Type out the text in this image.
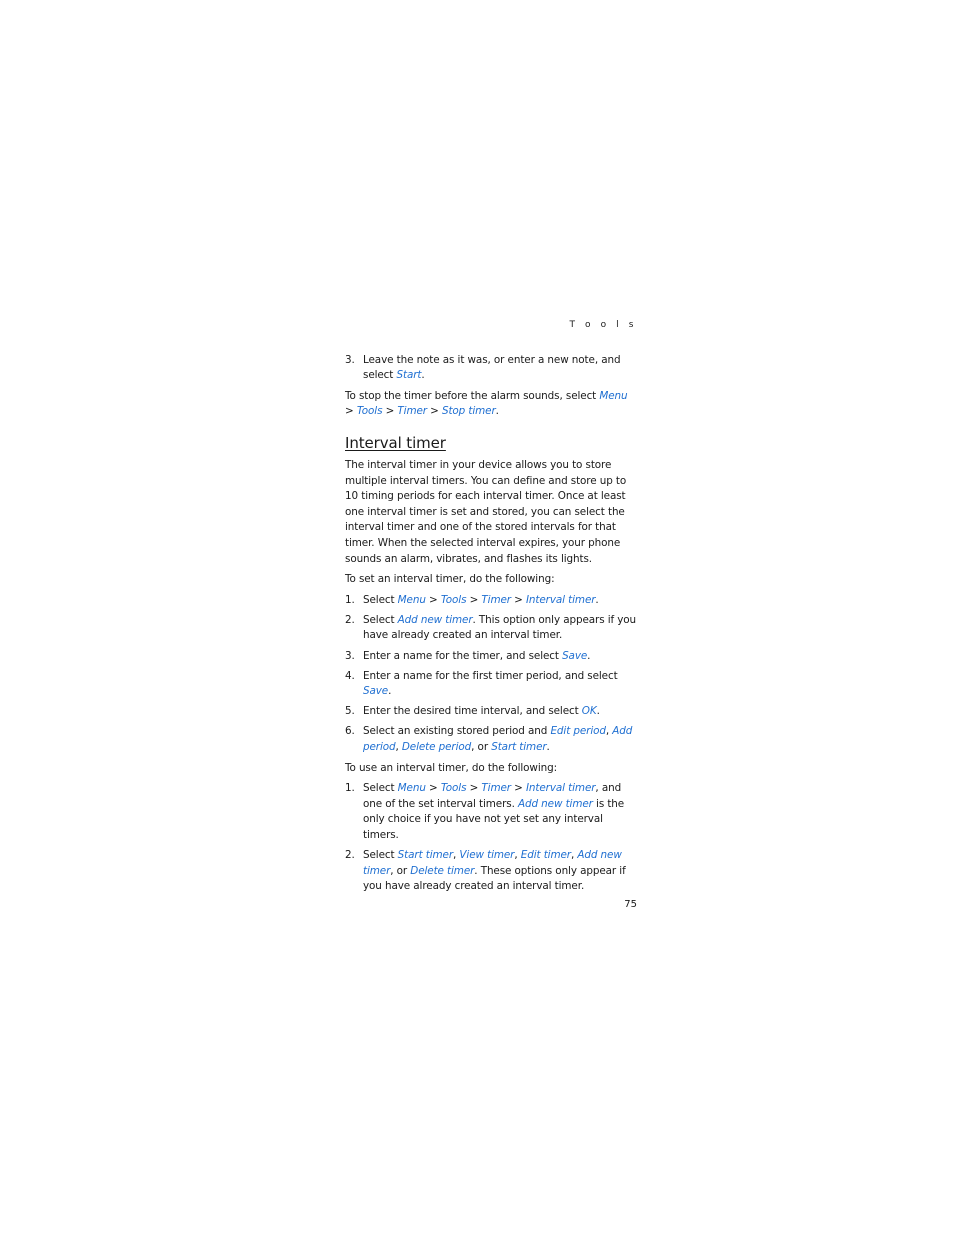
T o o l s
3. Leave the note as it was, or enter a new note, and select Start.

To stop the timer before the alarm sounds, select Menu > Tools > Timer > Stop timer.

Interval timer

The interval timer in your device allows you to store multiple interval timers. You can define and store up to 10 timing periods for each interval timer. Once at least one interval timer is set and stored, you can select the interval timer and one of the stored intervals for that timer. When the selected interval expires, your phone sounds an alarm, vibrates, and flashes its lights.

To set an interval timer, do the following:

1. Select Menu > Tools > Timer > Interval timer.
2. Select Add new timer. This option only appears if you have already created an interval timer.
3. Enter a name for the timer, and select Save.
4. Enter a name for the first timer period, and select Save.
5. Enter the desired time interval, and select OK.
6. Select an existing stored period and Edit period, Add period, Delete period, or Start timer.

To use an interval timer, do the following:

1. Select Menu > Tools > Timer > Interval timer, and one of the set interval timers. Add new timer is the only choice if you have not yet set any interval timers.
2. Select Start timer, View timer, Edit timer, Add new timer, or Delete timer. These options only appear if you have already created an interval timer.
75
